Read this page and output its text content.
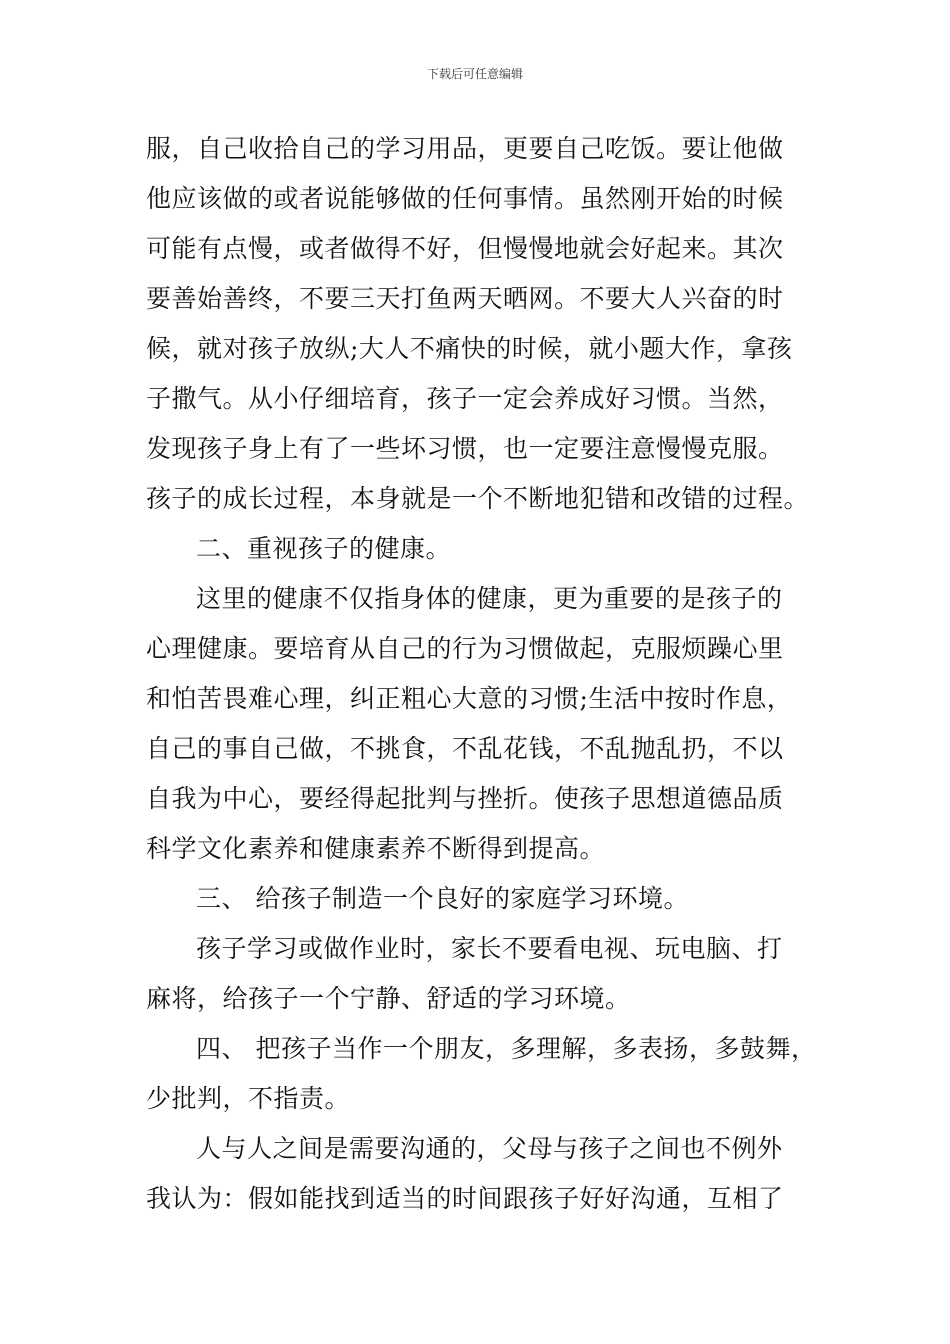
下载后可任意编辑
服，自己收拾自己的学习用品，更要自己吃饭。要让他做
他应该做的或者说能够做的任何事情。虽然刚开始的时候
可能有点慢，或者做得不好，但慢慢地就会好起来。其次
要善始善终，不要三天打鱼两天晒网。不要大人兴奋的时
候，就对孩子放纵;大人不痛快的时候，就小题大作，拿孩
子撒气。从小仔细培育，孩子一定会养成好习惯。当然，
发现孩子身上有了一些坏习惯，也一定要注意慢慢克服。
孩子的成长过程，本身就是一个不断地犯错和改错的过程。
二、重视孩子的健康。
这里的健康不仅指身体的健康，更为重要的是孩子的
心理健康。要培育从自己的行为习惯做起，克服烦躁心里
和怕苦畏难心理，纠正粗心大意的习惯;生活中按时作息，
自己的事自己做，不挑食，不乱花钱，不乱抛乱扔，不以
自我为中心，要经得起批判与挫折。使孩子思想道德品质
科学文化素养和健康素养不断得到提高。
三、 给孩子制造一个良好的家庭学习环境。
孩子学习或做作业时，家长不要看电视、玩电脑、打
麻将，给孩子一个宁静、舒适的学习环境。
四、 把孩子当作一个朋友，多理解，多表扬，多鼓舞，
少批判，不指责。
人与人之间是需要沟通的，父母与孩子之间也不例外
我认为：假如能找到适当的时间跟孩子好好沟通，互相了
